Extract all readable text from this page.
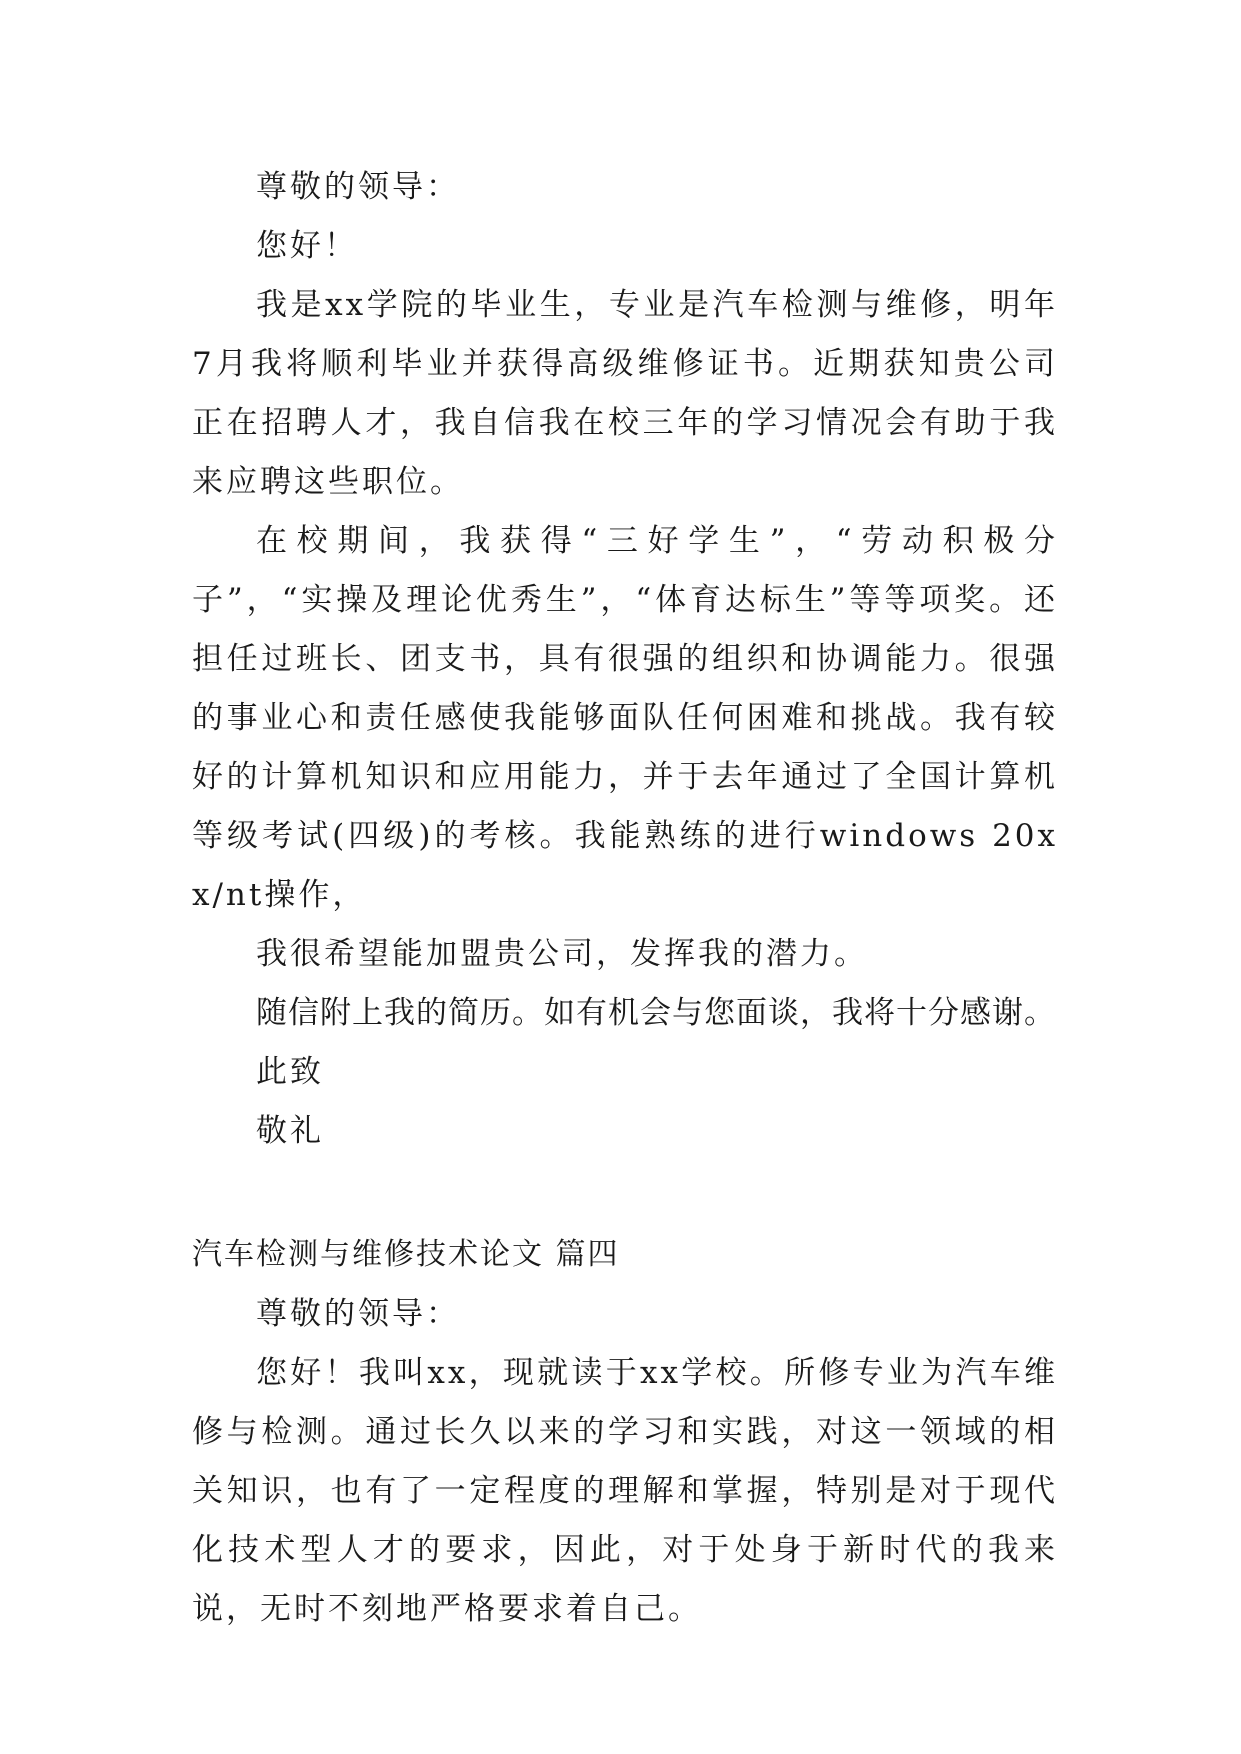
尊敬的领导：

您好！

我是xx学院的毕业生，专业是汽车检测与维修，明年7月我将顺利毕业并获得高级维修证书。近期获知贵公司正在招聘人才，我自信我在校三年的学习情况会有助于我来应聘这些职位。

在校期间，我获得“三好学生”，“劳动积极分子”，“实操及理论优秀生”，“体育达标生”等等项奖。还担任过班长、团支书，具有很强的组织和协调能力。很强的事业心和责任感使我能够面队任何困难和挑战。我有较好的计算机知识和应用能力，并于去年通过了全国计算机等级考试(四级)的考核。我能熟练的进行windows 20xx/nt操作，

我很希望能加盟贵公司，发挥我的潜力。

随信附上我的简历。如有机会与您面谈，我将十分感谢。

此致

敬礼

汽车检测与维修技术论文 篇四

尊敬的领导：

您好！我叫xx，现就读于xx学校。所修专业为汽车维修与检测。通过长久以来的学习和实践，对这一领域的相关知识，也有了一定程度的理解和掌握，特别是对于现代化技术型人才的要求，因此，对于处身于新时代的我来说，无时不刻地严格要求着自己。
